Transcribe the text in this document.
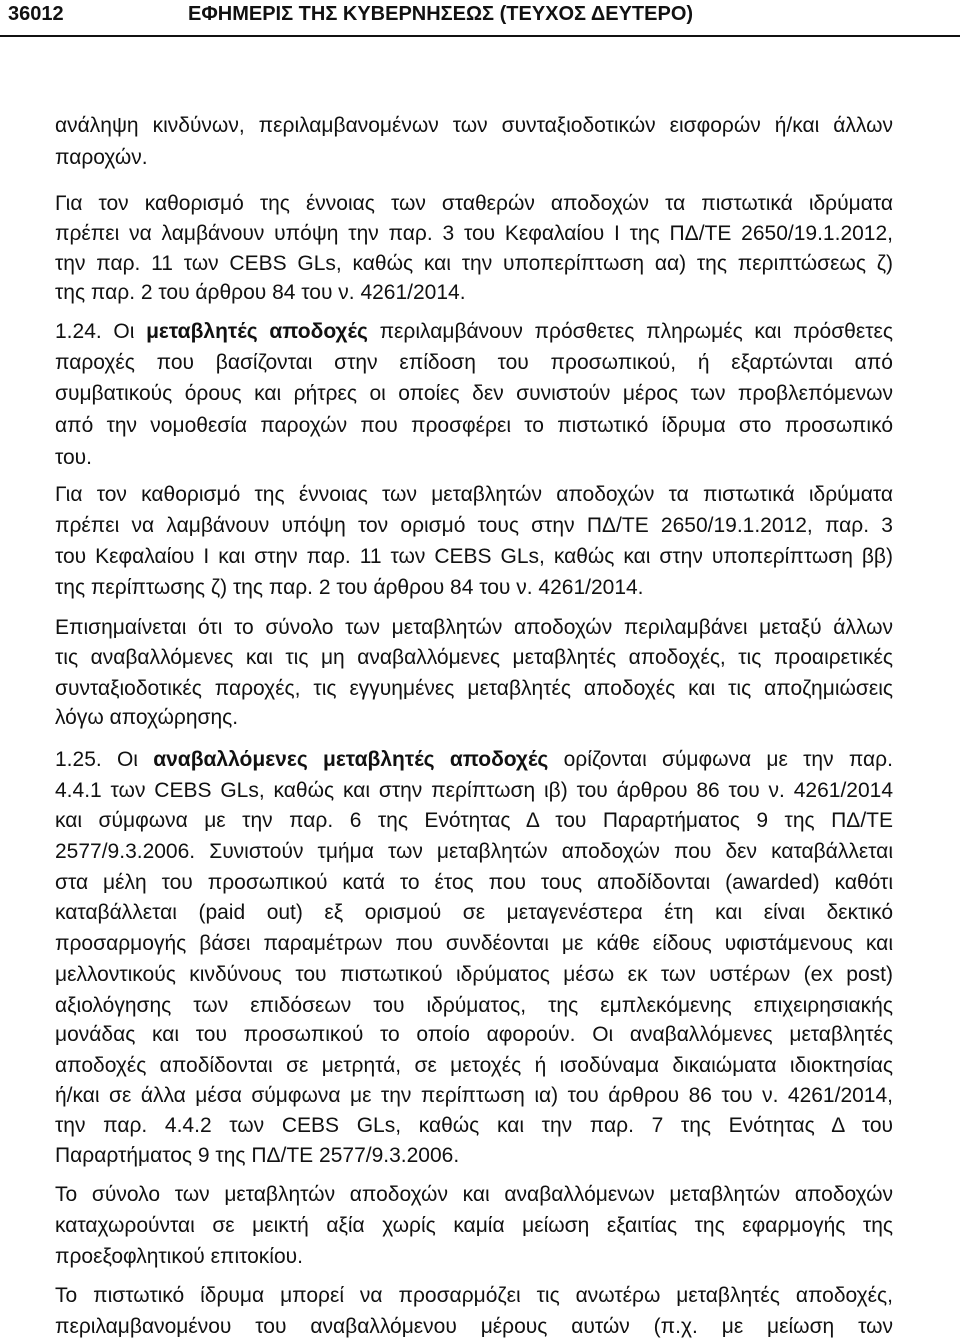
36012	ΕΦΗΜΕΡΙΣ ΤΗΣ ΚΥΒΕΡΝΗΣΕΩΣ (ΤΕΥΧΟΣ ΔΕΥΤΕΡΟ)
ανάληψη κινδύνων, περιλαμβανομένων των συνταξιοδοτικών εισφορών ή/και άλλων
παροχών.
Για τον καθορισμό της έννοιας των σταθερών αποδοχών τα πιστωτικά ιδρύματα
πρέπει να λαμβάνουν υπόψη την παρ. 3 του Κεφαλαίου I της ΠΔ/ΤΕ 2650/19.1.2012,
την παρ. 11 των CEBS GLs, καθώς και την υποπερίπτωση αα) της περιπτώσεως ζ)
της παρ. 2 του άρθρου 84 του ν. 4261/2014.
1.24. Οι μεταβλητές αποδοχές περιλαμβάνουν πρόσθετες πληρωμές και πρόσθετες
παροχές που βασίζονται στην επίδοση του προσωπικού, ή εξαρτώνται από
συμβατικούς όρους και ρήτρες οι οποίες δεν συνιστούν μέρος των προβλεπόμενων
από την νομοθεσία παροχών που προσφέρει το πιστωτικό ίδρυμα στο προσωπικό
του.
Για τον καθορισμό της έννοιας των μεταβλητών αποδοχών τα πιστωτικά ιδρύματα
πρέπει να λαμβάνουν υπόψη τον ορισμό τους στην ΠΔ/ΤΕ 2650/19.1.2012, παρ. 3
του Κεφαλαίου I και στην παρ. 11 των CEBS GLs, καθώς και στην υποπερίπτωση ββ)
της περίπτωσης ζ) της παρ. 2 του άρθρου 84 του ν. 4261/2014.
Επισημαίνεται ότι το σύνολο των μεταβλητών αποδοχών περιλαμβάνει μεταξύ άλλων
τις αναβαλλόμενες και τις μη αναβαλλόμενες μεταβλητές αποδοχές, τις προαιρετικές
συνταξιοδοτικές παροχές, τις εγγυημένες μεταβλητές αποδοχές και τις αποζημιώσεις
λόγω αποχώρησης.
1.25. Οι αναβαλλόμενες μεταβλητές αποδοχές ορίζονται σύμφωνα με την παρ.
4.4.1 των CEBS GLs, καθώς και στην περίπτωση ιβ) του άρθρου 86 του ν. 4261/2014
και σύμφωνα με την παρ. 6 της Ενότητας Δ του Παραρτήματος 9 της ΠΔ/ΤΕ
2577/9.3.2006. Συνιστούν τμήμα των μεταβλητών αποδοχών που δεν καταβάλλεται
στα μέλη του προσωπικού κατά το έτος που τους αποδίδονται (awarded) καθότι
καταβάλλεται (paid out) εξ ορισμού σε μεταγενέστερα έτη και είναι δεκτικό
προσαρμογής βάσει παραμέτρων που συνδέονται με κάθε είδους υφιστάμενους και
μελλοντικούς κινδύνους του πιστωτικού ιδρύματος μέσω εκ των υστέρων (ex post)
αξιολόγησης των επιδόσεων του ιδρύματος, της εμπλεκόμενης επιχειρησιακής
μονάδας και του προσωπικού το οποίο αφορούν. Οι αναβαλλόμενες μεταβλητές
αποδοχές αποδίδονται σε μετρητά, σε μετοχές ή ισοδύναμα δικαιώματα ιδιοκτησίας
ή/και σε άλλα μέσα σύμφωνα με την περίπτωση ια) του άρθρου 86 του ν. 4261/2014,
την παρ. 4.4.2 των CEBS GLs, καθώς και την παρ. 7 της Ενότητας Δ του
Παραρτήματος 9 της ΠΔ/ΤΕ 2577/9.3.2006.
Το σύνολο των μεταβλητών αποδοχών και αναβαλλόμενων μεταβλητών αποδοχών
καταχωρούνται σε μεικτή αξία χωρίς καμία μείωση εξαιτίας της εφαρμογής της
προεξοφλητικού επιτοκίου.
Το πιστωτικό ίδρυμα μπορεί να προσαρμόζει τις ανωτέρω μεταβλητές αποδοχές,
περιλαμβανομένου του αναβαλλόμενου μέρους αυτών (π.χ. με μείωση των
